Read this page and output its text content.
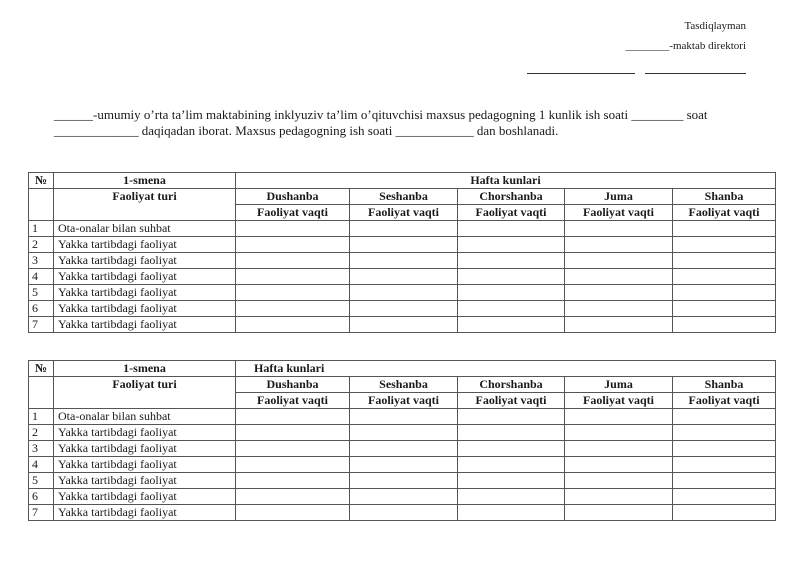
Tasdiqlayman
________-maktab direktori
______-umumiy o’rta ta’lim maktabining inklyuziv ta’lim o’qituvchisi maxsus pedagogning 1 kunlik ish soati ________ soat _____________ daqiqadan iborat. Maxsus pedagogning ish soati ____________ dan boshlanadi.
№	1-smena	Hafta kunlari				
	Faoliyat turi	Dushanba	Seshanba	Chorshanba	Juma	Shanba
		Faoliyat vaqti	Faoliyat vaqti	Faoliyat vaqti	Faoliyat vaqti	Faoliyat vaqti
1	Ota-onalar bilan suhbat					
2	Yakka tartibdagi faoliyat					
3	Yakka tartibdagi faoliyat					
4	Yakka tartibdagi faoliyat					
5	Yakka tartibdagi faoliyat					
6	Yakka tartibdagi faoliyat					
7	Yakka tartibdagi faoliyat					
№	1-smena	Hafta kunlari				
	Faoliyat turi	Dushanba	Seshanba	Chorshanba	Juma	Shanba
		Faoliyat vaqti	Faoliyat vaqti	Faoliyat vaqti	Faoliyat vaqti	Faoliyat vaqti
1	Ota-onalar bilan suhbat					
2	Yakka tartibdagi faoliyat					
3	Yakka tartibdagi faoliyat					
4	Yakka tartibdagi faoliyat					
5	Yakka tartibdagi faoliyat					
6	Yakka tartibdagi faoliyat					
7	Yakka tartibdagi faoliyat					
